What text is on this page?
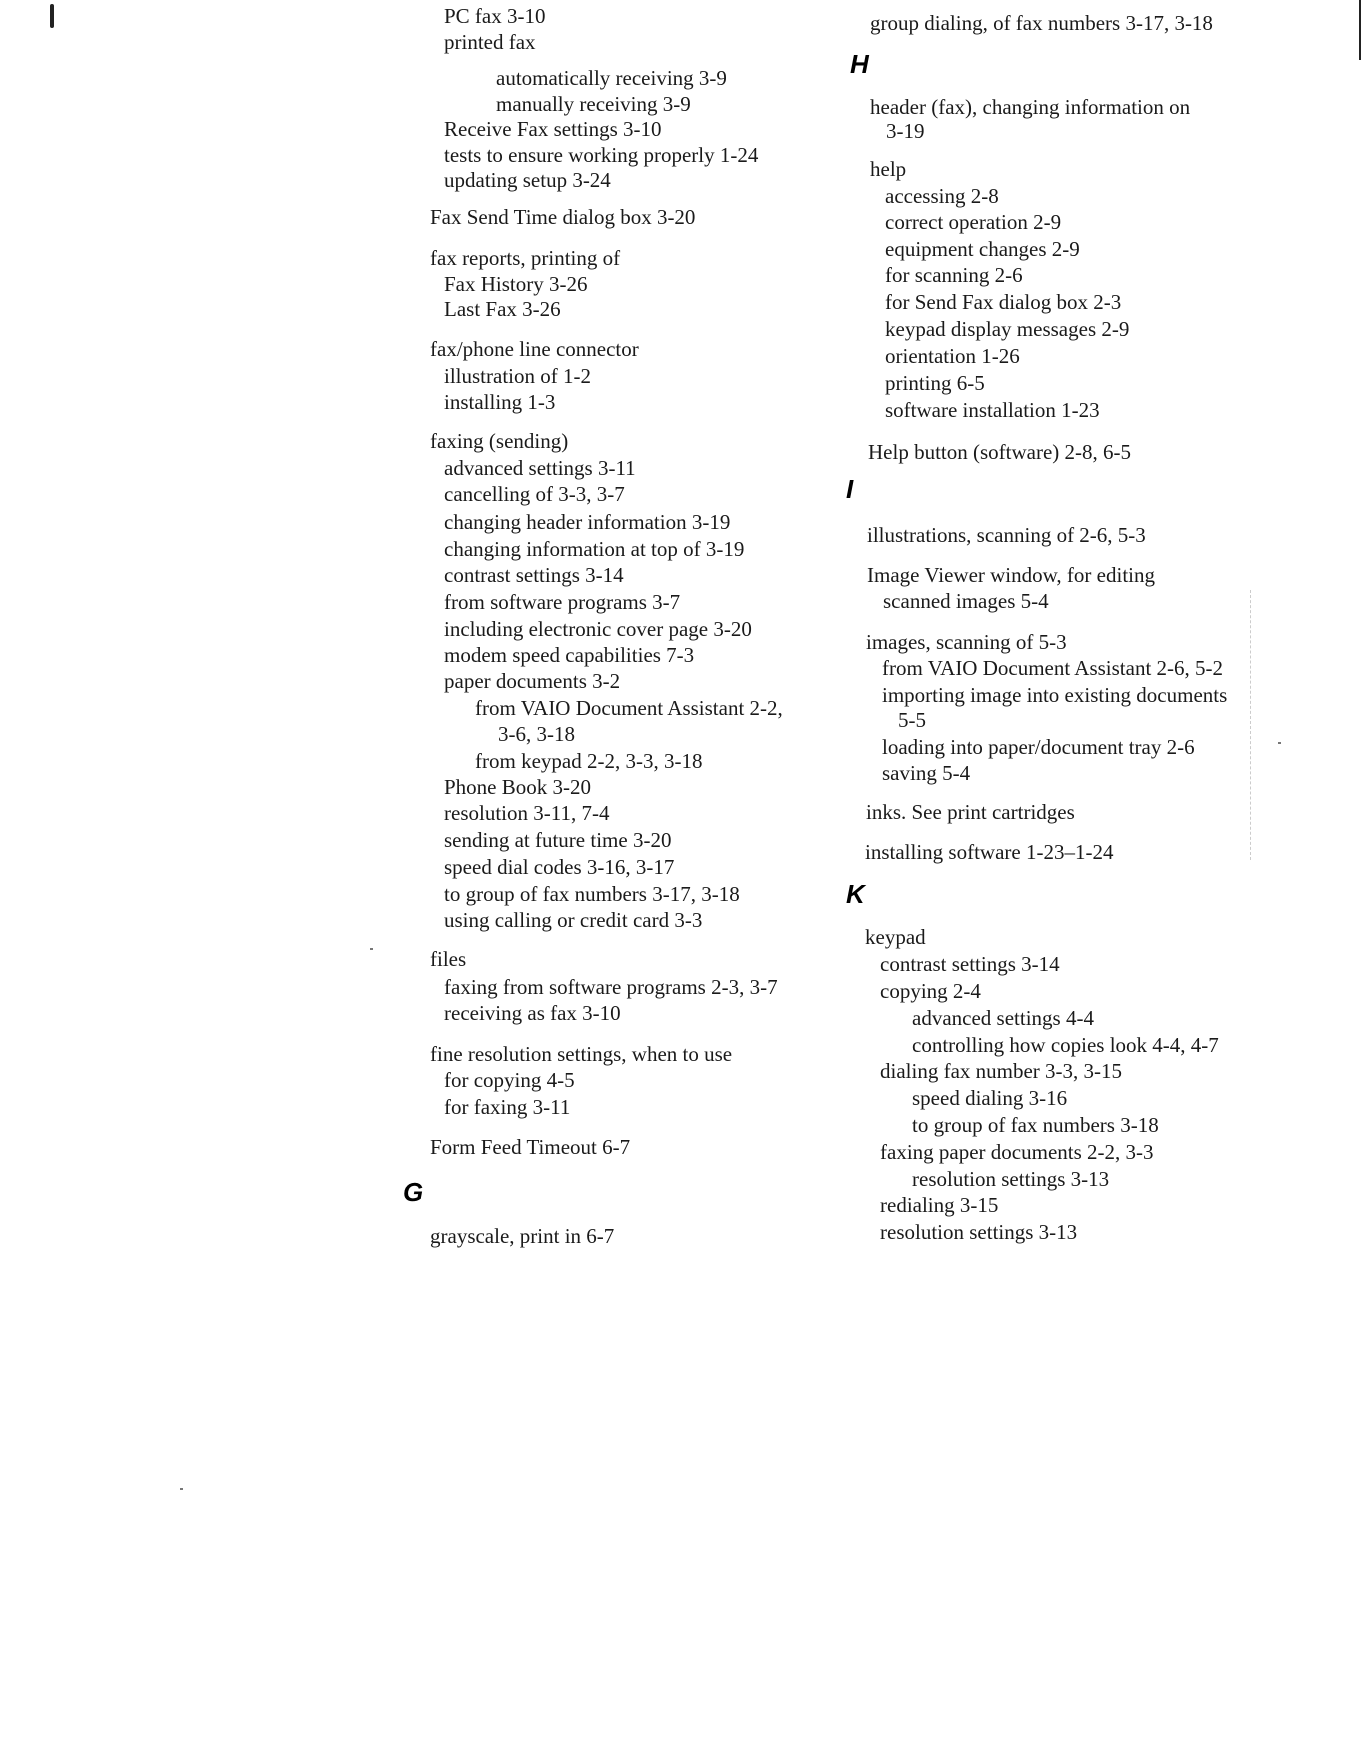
PC fax 3-10
printed fax
automatically receiving 3-9
manually receiving 3-9
Receive Fax settings 3-10
tests to ensure working properly 1-24
updating setup 3-24
Fax Send Time dialog box 3-20
fax reports, printing of
Fax History 3-26
Last Fax 3-26
fax/phone line connector
illustration of 1-2
installing 1-3
faxing (sending)
advanced settings 3-11
cancelling of 3-3, 3-7
changing header information 3-19
changing information at top of 3-19
contrast settings 3-14
from software programs 3-7
including electronic cover page 3-20
modem speed capabilities 7-3
paper documents 3-2
from VAIO Document Assistant 2-2,
3-6, 3-18
from keypad 2-2, 3-3, 3-18
Phone Book 3-20
resolution 3-11, 7-4
sending at future time 3-20
speed dial codes 3-16, 3-17
to group of fax numbers 3-17, 3-18
using calling or credit card 3-3
files
faxing from software programs 2-3, 3-7
receiving as fax 3-10
fine resolution settings, when to use
for copying 4-5
for faxing 3-11
Form Feed Timeout 6-7
G
grayscale, print in 6-7
group dialing, of fax numbers 3-17, 3-18
H
header (fax), changing information on
3-19
help
accessing 2-8
correct operation 2-9
equipment changes 2-9
for scanning 2-6
for Send Fax dialog box 2-3
keypad display messages 2-9
orientation 1-26
printing 6-5
software installation 1-23
Help button (software) 2-8, 6-5
I
illustrations, scanning of 2-6, 5-3
Image Viewer window, for editing
scanned images 5-4
images, scanning of 5-3
from VAIO Document Assistant 2-6, 5-2
importing image into existing documents
5-5
loading into paper/document tray 2-6
saving 5-4
inks. See print cartridges
installing software 1-23–1-24
K
keypad
contrast settings 3-14
copying 2-4
advanced settings 4-4
controlling how copies look 4-4, 4-7
dialing fax number 3-3, 3-15
speed dialing 3-16
to group of fax numbers 3-18
faxing paper documents 2-2, 3-3
resolution settings 3-13
redialing 3-15
resolution settings 3-13
